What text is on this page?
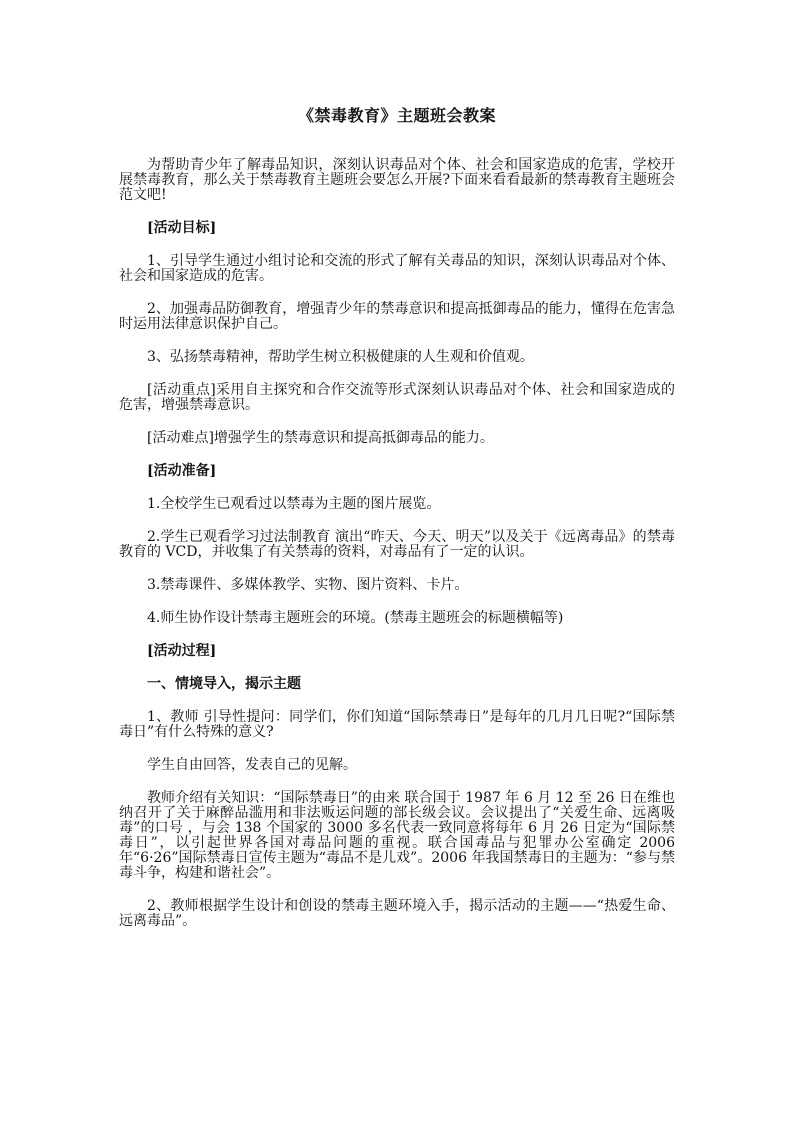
《禁毒教育》主题班会教案

为帮助青少年了解毒品知识，深刻认识毒品对个体、社会和国家造成的危害，学校开展禁毒教育，那么关于禁毒教育主题班会要怎么开展?下面来看看最新的禁毒教育主题班会范文吧!

[活动目标]

1、引导学生通过小组讨论和交流的形式了解有关毒品的知识，深刻认识毒品对个体、社会和国家造成的危害。

2、加强毒品防御教育，增强青少年的禁毒意识和提高抵御毒品的能力，懂得在危害急时运用法律意识保护自己。

3、弘扬禁毒精神，帮助学生树立积极健康的人生观和价值观。

[活动重点]采用自主探究和合作交流等形式深刻认识毒品对个体、社会和国家造成的危害，增强禁毒意识。

[活动难点]增强学生的禁毒意识和提高抵御毒品的能力。

[活动准备]

1.全校学生已观看过以禁毒为主题的图片展览。

2.学生已观看学习过法制教育 演出“昨天、今天、明天”以及关于《远离毒品》的禁毒教育的 VCD，并收集了有关禁毒的资料，对毒品有了一定的认识。

3.禁毒课件、多媒体教学、实物、图片资料、卡片。

4.师生协作设计禁毒主题班会的环境。(禁毒主题班会的标题横幅等)

[活动过程]

一、情境导入，揭示主题

1、教师 引导性提问：同学们，你们知道“国际禁毒日”是每年的几月几日呢?“国际禁毒日”有什么特殊的意义?

学生自由回答，发表自己的见解。

教师介绍有关知识：“国际禁毒日”的由来 联合国于 1987 年 6 月 12 至 26 日在维也纳召开了关于麻醉品滥用和非法贩运问题的部长级会议。会议提出了“关爱生命、远离吸毒”的口号 ，与会 138 个国家的 3000 多名代表一致同意将每年 6 月 26 日定为“国际禁毒日”，以引起世界各国对毒品问题的重视。联合国毒品与犯罪办公室确定 2006 年“6·26”国际禁毒日宣传主题为“毒品不是儿戏”。2006 年我国禁毒日的主题为：“参与禁毒斗争，构建和谐社会”。

2、教师根据学生设计和创设的禁毒主题环境入手，揭示活动的主题——“热爱生命、远离毒品”。
